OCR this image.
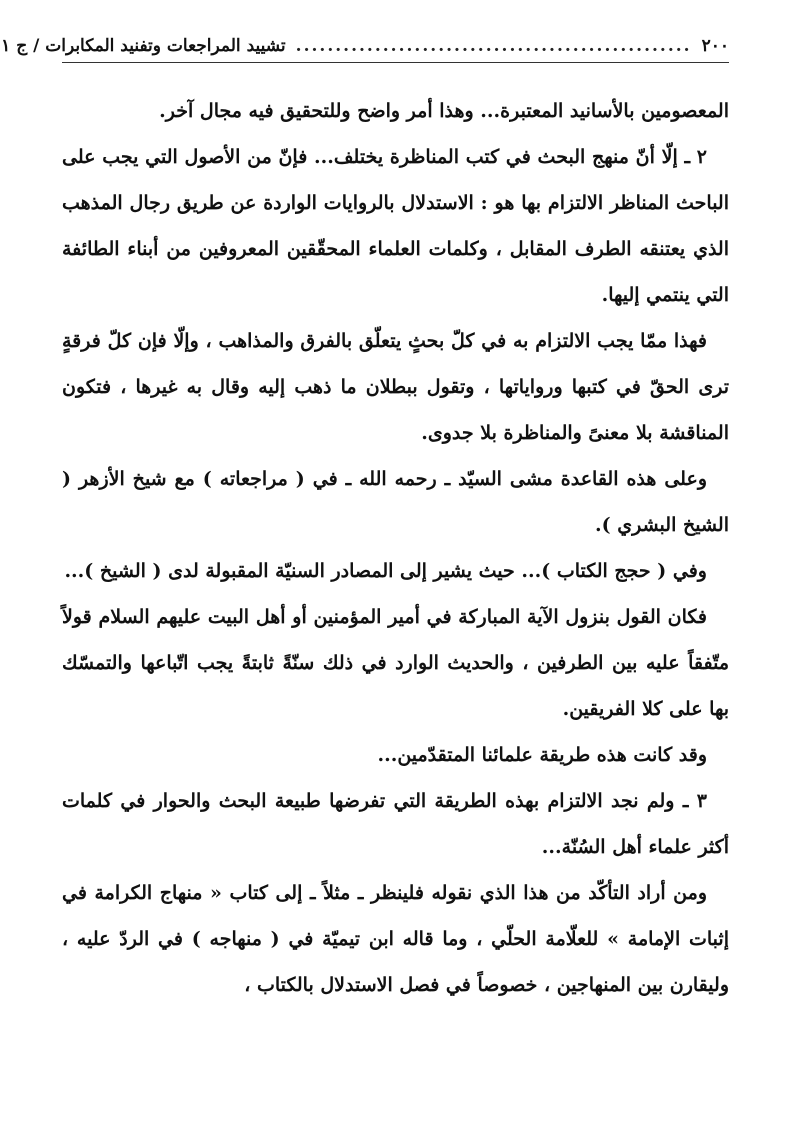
٢٠٠
..................................................
تشييد المراجعات وتفنيد المكابرات / ج ١

المعصومين بالأسانيد المعتبرة... وهذا أمر واضح وللتحقيق فيه مجال آخر.

٢ ـ إلّا أنّ منهج البحث في كتب المناظرة يختلف... فإنّ من الأصول التي يجب على الباحث المناظر الالتزام بها هو : الاستدلال بالروايات الواردة عن طريق رجال المذهب الذي يعتنقه الطرف المقابل ، وكلمات العلماء المحقّقين المعروفين من أبناء الطائفة التي ينتمي إليها.

فهذا ممّا يجب الالتزام به في كلّ بحثٍ يتعلّق بالفرق والمذاهب ، وإلّا فإن كلّ فرقةٍ ترى الحقّ في كتبها ورواياتها ، وتقول ببطلان ما ذهب إليه وقال به غيرها ، فتكون المناقشة بلا معنىً والمناظرة بلا جدوى.

وعلى هذه القاعدة مشى السيّد ـ رحمه الله ـ في ( مراجعاته ) مع شيخ الأزهر ( الشيخ البشري ).

وفي ( حجج الكتاب )... حيث يشير إلى المصادر السنيّة المقبولة لدى ( الشيخ )...

فكان القول بنزول الآية المباركة في أمير المؤمنين أو أهل البيت عليهم السلام قولاً متّفقاً عليه بين الطرفين ، والحديث الوارد في ذلك سنّةً ثابتةً يجب اتّباعها والتمسّك بها على كلا الفريقين.

وقد كانت هذه طريقة علمائنا المتقدّمين...

٣ ـ ولم نجد الالتزام بهذه الطريقة التي تفرضها طبيعة البحث والحوار في كلمات أكثر علماء أهل السُنّة...

ومن أراد التأكّد من هذا الذي نقوله فلينظر ـ مثلاً ـ إلى كتاب « منهاج الكرامة في إثبات الإمامة » للعلّامة الحلّي ، وما قاله ابن تيميّة في ( منهاجه ) في الردّ عليه ، وليقارن بين المنهاجين ، خصوصاً في فصل الاستدلال بالكتاب ،
